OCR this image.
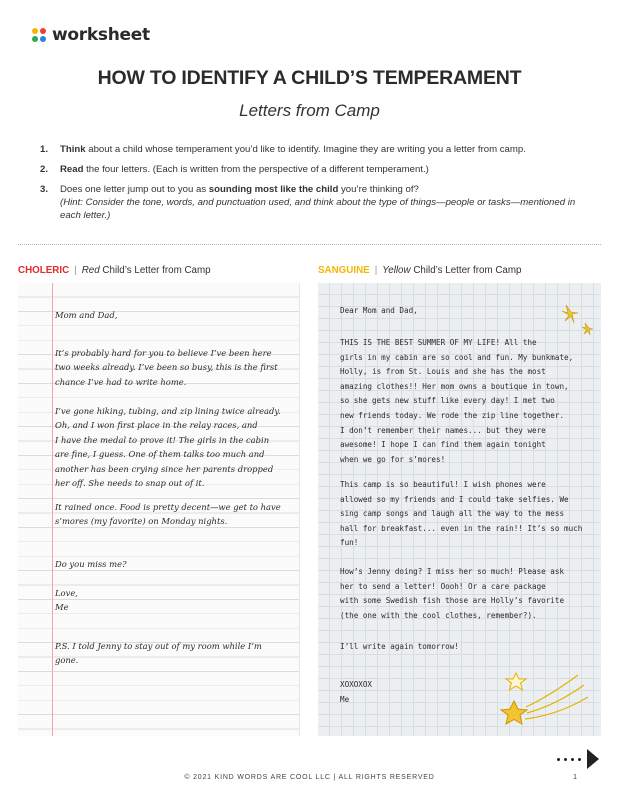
worksheet
HOW TO IDENTIFY A CHILD’S TEMPERAMENT
Letters from Camp
1.	Think about a child whose temperament you’d like to identify. Imagine they are writing you a letter from camp.
2.	Read the four letters. (Each is written from the perspective of a different temperament.)
3.	Does one letter jump out to you as sounding most like the child you’re thinking of?
(Hint: Consider the tone, words, and punctuation used, and think about the type of things—people or tasks—mentioned in each letter.)
CHOLERIC | Red Child’s Letter from Camp	SANGUINE | Yellow Child’s Letter from Camp
Mom and Dad,
It’s probably hard for you to believe I’ve been here
two weeks already. I’ve been so busy, this is the first
chance I’ve had to write home.
I’ve gone hiking, tubing, and zip lining twice already.
Oh, and I won first place in the relay races, and
I have the medal to prove it! The girls in the cabin
are fine, I guess. One of them talks too much and
another has been crying since her parents dropped
her off. She needs to snap out of it.
It rained once. Food is pretty decent—we get to have
s’mores (my favorite) on Monday nights.
Do you miss me?
Love,
Me
P.S. I told Jenny to stay out of my room while I’m
gone.
Dear Mom and Dad,
THIS IS THE BEST SUMMER OF MY LIFE! All the
girls in my cabin are so cool and fun. My bunkmate,
Holly, is from St. Louis and she has the most
amazing clothes!! Her mom owns a boutique in town,
so she gets new stuff like every day! I met two
new friends today. We rode the zip line together.
I don’t remember their names... but they were
awesome! I hope I can find them again tonight
when we go for s’mores!
This camp is so beautiful! I wish phones were
allowed so my friends and I could take selfies. We
sing camp songs and laugh all the way to the mess
hall for breakfast... even in the rain!! It’s so much
fun!
How’s Jenny doing? I miss her so much! Please ask
her to send a letter! Oooh! Or a care package
with some Swedish fish those are Holly’s favorite
(the one with the cool clothes, remember?).
I’ll write again tomorrow!
XOXOXOX
Me
© 2021 KIND WORDS ARE COOL LLC | ALL RIGHTS RESERVED	1
